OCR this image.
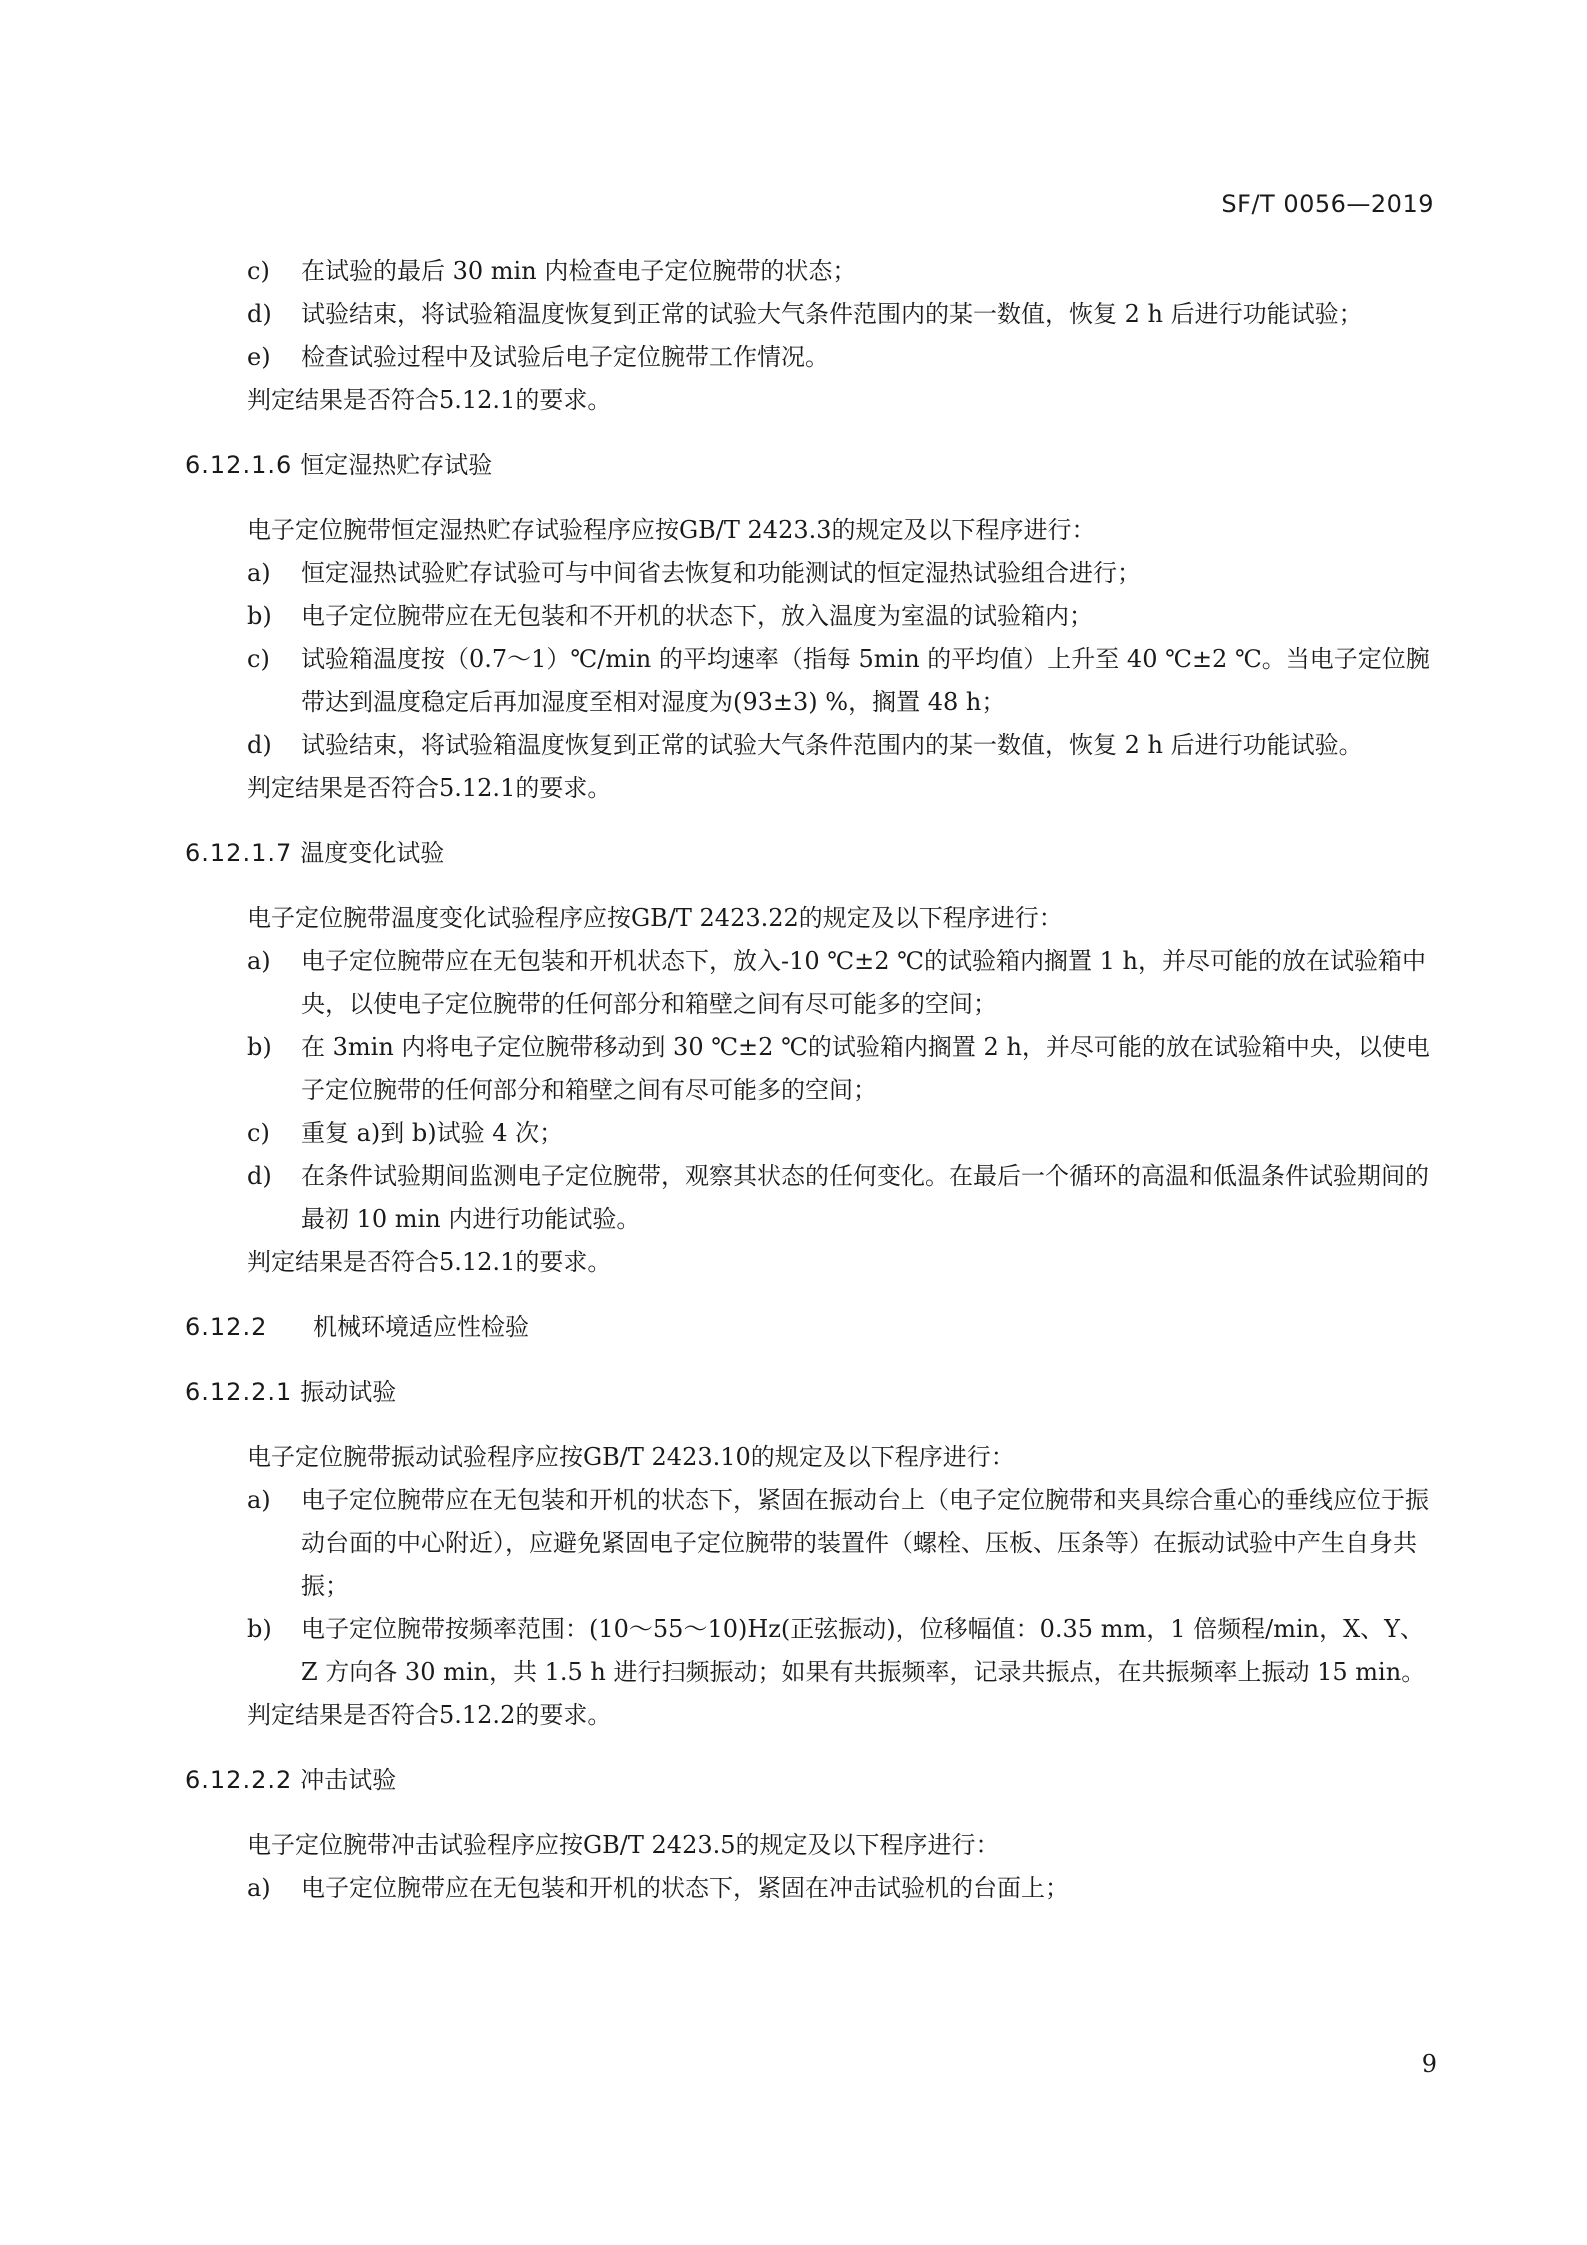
SF/T 0056—2019
c)	在试验的最后 30 min 内检查电子定位腕带的状态；
d)	试验结束，将试验箱温度恢复到正常的试验大气条件范围内的某一数值，恢复 2 h 后进行功能试验；
e)	检查试验过程中及试验后电子定位腕带工作情况。
判定结果是否符合5.12.1的要求。
6.12.1.6 恒定湿热贮存试验
电子定位腕带恒定湿热贮存试验程序应按GB/T 2423.3的规定及以下程序进行：
a)	恒定湿热试验贮存试验可与中间省去恢复和功能测试的恒定湿热试验组合进行；
b)	电子定位腕带应在无包装和不开机的状态下，放入温度为室温的试验箱内；
c)	试验箱温度按（0.7～1）℃/min 的平均速率（指每 5min 的平均值）上升至 40 ℃±2 ℃。当电子定位腕带达到温度稳定后再加湿度至相对湿度为(93±3) %，搁置 48 h；
d)	试验结束，将试验箱温度恢复到正常的试验大气条件范围内的某一数值，恢复 2 h 后进行功能试验。
判定结果是否符合5.12.1的要求。
6.12.1.7 温度变化试验
电子定位腕带温度变化试验程序应按GB/T 2423.22的规定及以下程序进行：
a)	电子定位腕带应在无包装和开机状态下，放入-10 ℃±2 ℃的试验箱内搁置 1 h，并尽可能的放在试验箱中央，以使电子定位腕带的任何部分和箱壁之间有尽可能多的空间；
b)	在 3min 内将电子定位腕带移动到 30 ℃±2 ℃的试验箱内搁置 2 h，并尽可能的放在试验箱中央，以使电子定位腕带的任何部分和箱壁之间有尽可能多的空间；
c)	重复 a)到 b)试验 4 次；
d)	在条件试验期间监测电子定位腕带，观察其状态的任何变化。在最后一个循环的高温和低温条件试验期间的最初 10 min 内进行功能试验。
判定结果是否符合5.12.1的要求。
6.12.2 机械环境适应性检验
6.12.2.1 振动试验
电子定位腕带振动试验程序应按GB/T 2423.10的规定及以下程序进行：
a)	电子定位腕带应在无包装和开机的状态下，紧固在振动台上（电子定位腕带和夹具综合重心的垂线应位于振动台面的中心附近），应避免紧固电子定位腕带的装置件（螺栓、压板、压条等）在振动试验中产生自身共振；
b)	电子定位腕带按频率范围：(10～55～10)Hz(正弦振动)，位移幅值：0.35 mm，1 倍频程/min，X、Y、Z 方向各 30 min，共 1.5 h 进行扫频振动；如果有共振频率，记录共振点，在共振频率上振动 15 min。
判定结果是否符合5.12.2的要求。
6.12.2.2 冲击试验
电子定位腕带冲击试验程序应按GB/T 2423.5的规定及以下程序进行：
a)	电子定位腕带应在无包装和开机的状态下，紧固在冲击试验机的台面上；
9
